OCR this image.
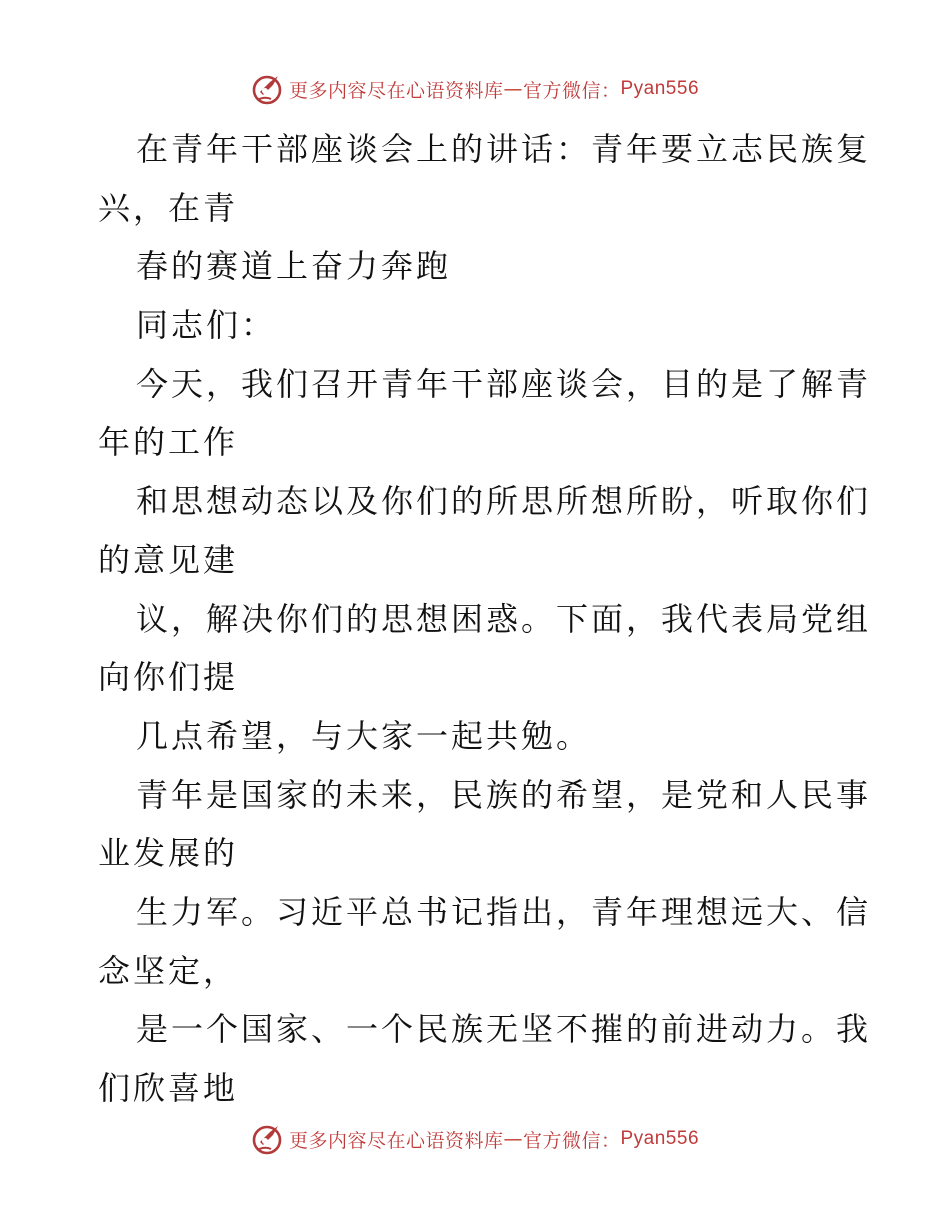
更多内容尽在心语资料库 — 官方微信： Pyan556
在青年干部座谈会上的讲话：青年要立志民族复
兴，在青
春的赛道上奋力奔跑
同志们：
今天，我们召开青年干部座谈会，目的是了解青
年的工作
和思想动态以及你们的所思所想所盼，听取你们
的意见建
议，解决你们的思想困惑。下面，我代表局党组
向你们提
几点希望，与大家一起共勉。
青年是国家的未来，民族的希望，是党和人民事
业发展的
生力军。习近平总书记指出，青年理想远大、信
念坚定，
是一个国家、一个民族无坚不摧的前进动力。我
们欣喜地
更多内容尽在心语资料库 — 官方微信： Pyan556
